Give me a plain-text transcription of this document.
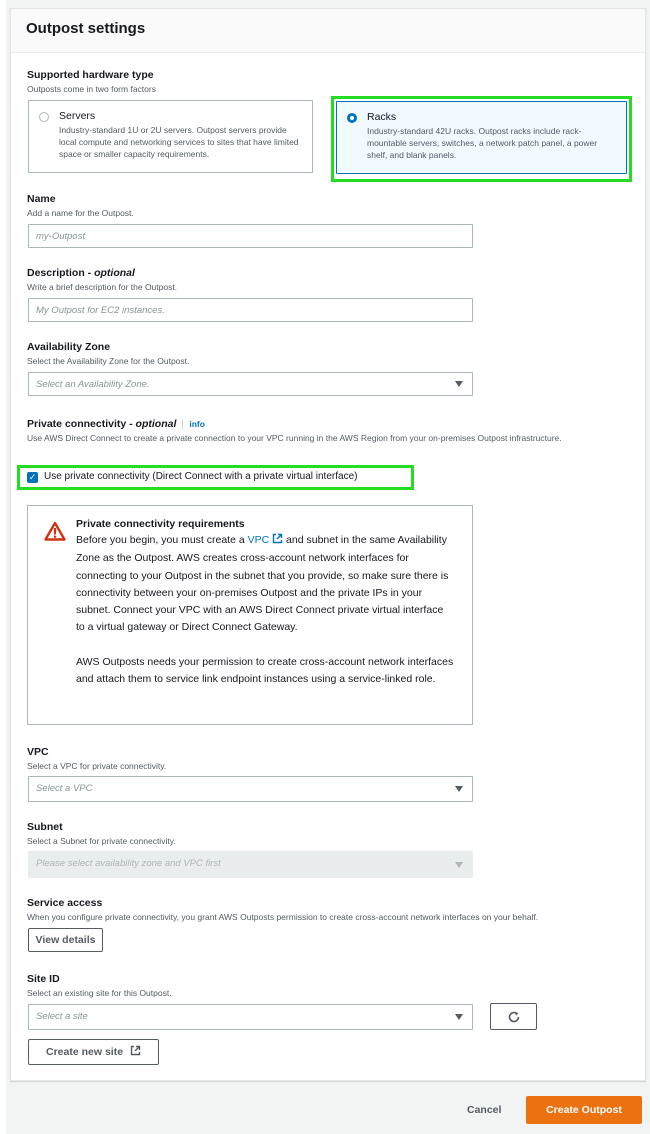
Outpost settings
Supported hardware type
Outposts come in two form factors
Servers
Industry-standard 1U or 2U servers. Outpost servers provide local compute and networking services to sites that have limited space or smaller capacity requirements.
Racks
Industry-standard 42U racks. Outpost racks include rack-mountable servers, switches, a network patch panel, a power shelf, and blank panels.
Name
Add a name for the Outpost.
my-Outpost
Description - optional
Write a brief description for the Outpost.
My Outpost for EC2 instances.
Availability Zone
Select the Availability Zone for the Outpost.
Select an Availability Zone.
Private connectivity - optional info
Use AWS Direct Connect to create a private connection to your VPC running in the AWS Region from your on-premises Outpost infrastructure.
✓ Use private connectivity (Direct Connect with a private virtual interface)
Private connectivity requirements
Before you begin, you must create a VPC  and subnet in the same Availability Zone as the Outpost. AWS creates cross-account network interfaces for connecting to your Outpost in the subnet that you provide, so make sure there is connectivity between your on-premises Outpost and the private IPs in your subnet. Connect your VPC with an AWS Direct Connect private virtual interface to a virtual gateway or Direct Connect Gateway.
AWS Outposts needs your permission to create cross-account network interfaces and attach them to service link endpoint instances using a service-linked role.
VPC
Select a VPC for private connectivity.
Select a VPC
Subnet
Select a Subnet for private connectivity.
Please select availability zone and VPC first
Service access
When you configure private connectivity, you grant AWS Outposts permission to create cross-account network interfaces on your behalf.
View details
Site ID
Select an existing site for this Outpost.
Select a site
Create new site
Cancel	Create Outpost
